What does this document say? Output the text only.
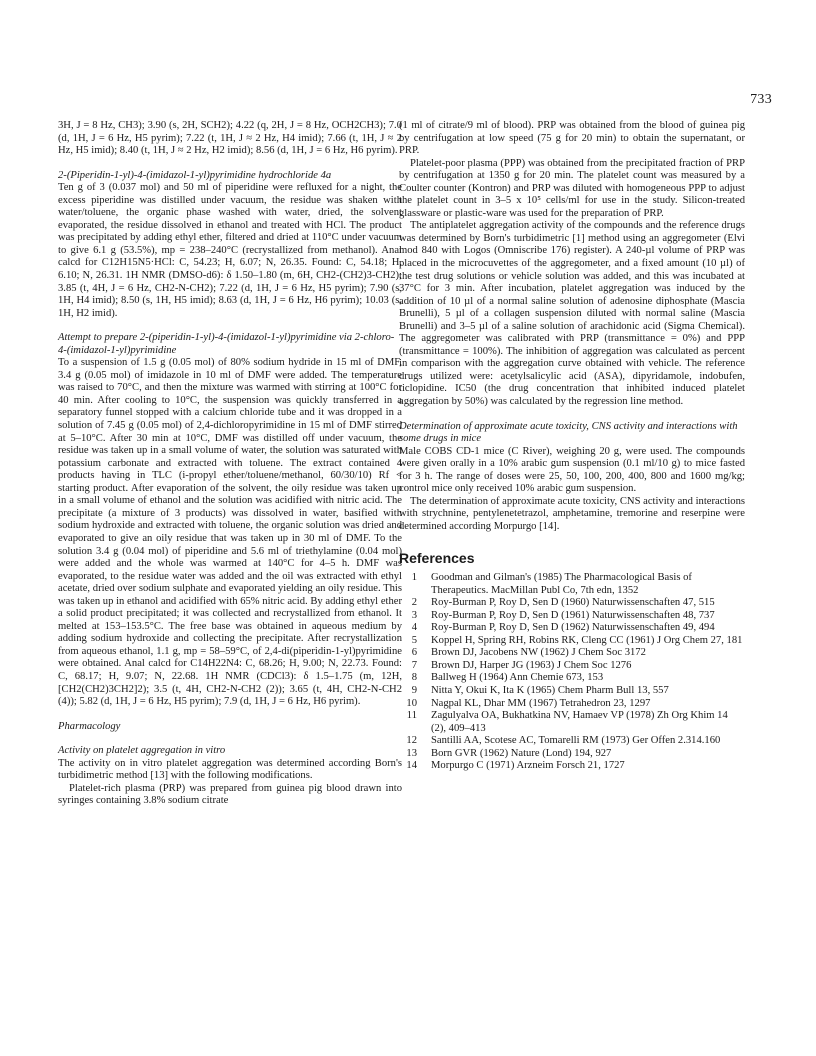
733

3H, J = 8 Hz, CH3); 3.90 (s, 2H, SCH2); 4.22 (q, 2H, J = 8 Hz, OCH2CH3); 7.0 (d, 1H, J = 6 Hz, H5 pyrim); 7.22 (t, 1H, J ≈ 2 Hz, H4 imid); 7.66 (t, 1H, J ≈ 2 Hz, H5 imid); 8.40 (t, 1H, J ≈ 2 Hz, H2 imid); 8.56 (d, 1H, J = 6 Hz, H6 pyrim).

2-(Piperidin-1-yl)-4-(imidazol-1-yl)pyrimidine hydrochloride 4a

Ten g of 3 (0.037 mol) and 50 ml of piperidine were refluxed for a night, the excess piperidine was distilled under vacuum, the residue was shaken with water/toluene, the organic phase washed with water, dried, the solvent evaporated, the residue dissolved in ethanol and treated with HCl. The product was precipitated by adding ethyl ether, filtered and dried at 110°C under vacuum to give 6.1 g (53.5%), mp = 238–240°C (recrystallized from methanol). Anal calcd for C12H15N5·HCl: C, 54.23; H, 6.07; N, 26.35. Found: C, 54.18; H, 6.10; N, 26.31. 1H NMR (DMSO-d6): δ 1.50–1.80 (m, 6H, CH2-(CH2)3-CH2); 3.85 (t, 4H, J = 6 Hz, CH2-N-CH2); 7.22 (d, 1H, J = 6 Hz, H5 pyrim); 7.90 (s, 1H, H4 imid); 8.50 (s, 1H, H5 imid); 8.63 (d, 1H, J = 6 Hz, H6 pyrim); 10.03 (s, 1H, H2 imid).

Attempt to prepare 2-(piperidin-1-yl)-4-(imidazol-1-yl)pyrimidine via 2-chloro-4-(imidazol-1-yl)pyrimidine

To a suspension of 1.5 g (0.05 mol) of 80% sodium hydride in 15 ml of DMF, 3.4 g (0.05 mol) of imidazole in 10 ml of DMF were added. The temperature was raised to 70°C, and then the mixture was warmed with stirring at 100°C for 40 min. After cooling to 10°C, the suspension was quickly transferred in a separatory funnel stopped with a calcium chloride tube and it was dropped in a solution of 7.45 g (0.05 mol) of 2,4-dichloropyrimidine in 15 ml of DMF stirred at 5–10°C. After 30 min at 10°C, DMF was distilled off under vacuum, the residue was taken up in a small volume of water, the solution was saturated with potassium carbonate and extracted with toluene. The extract contained 4 products having in TLC (i-propyl ether/toluene/methanol, 60/30/10) Rf < starting product. After evaporation of the solvent, the oily residue was taken up in a small volume of ethanol and the solution was acidified with nitric acid. The precipitate (a mixture of 3 products) was dissolved in water, basified with sodium hydroxide and extracted with toluene, the organic solution was dried and evaporated to give an oily residue that was taken up in 30 ml of DMF. To the solution 3.4 g (0.04 mol) of piperidine and 5.6 ml of triethylamine (0.04 mol) were added and the whole was warmed at 140°C for 4–5 h. DMF was evaporated, to the residue water was added and the oil was extracted with ethyl acetate, dried over sodium sulphate and evaporated yielding an oily residue. This was taken up in ethanol and acidified with 65% nitric acid. By adding ethyl ether a solid product precipitated; it was collected and recrystallized from ethanol. It melted at 153–153.5°C. The free base was obtained in aqueous medium by adding sodium hydroxide and collecting the precipitate. After recrystallization from aqueous ethanol, 1.1 g, mp = 58–59°C, of 2,4-di(piperidin-1-yl)pyrimidine were obtained. Anal calcd for C14H22N4: C, 68.26; H, 9.00; N, 22.73. Found: C, 68.17; H, 9.07; N, 22.68. 1H NMR (CDCl3): δ 1.5–1.75 (m, 12H, [CH2(CH2)3CH2]2); 3.5 (t, 4H, CH2-N-CH2 (2)); 3.65 (t, 4H, CH2-N-CH2 (4)); 5.82 (d, 1H, J = 6 Hz, H5 pyrim); 7.9 (d, 1H, J = 6 Hz, H6 pyrim).

Pharmacology

Activity on platelet aggregation in vitro

The activity on in vitro platelet aggregation was determined according Born's turbidimetric method [13] with the following modifications.

Platelet-rich plasma (PRP) was prepared from guinea pig blood drawn into syringes containing 3.8% sodium citrate

(1 ml of citrate/9 ml of blood). PRP was obtained from the blood of guinea pig by centrifugation at low speed (75 g for 20 min) to obtain the supernatant, or PRP.

Platelet-poor plasma (PPP) was obtained from the precipitated fraction of PRP by centrifugation at 1350 g for 20 min. The platelet count was measured by a Coulter counter (Kontron) and PRP was diluted with homogeneous PPP to adjust the platelet count in 3–5 x 10⁵ cells/ml for use in the study. Silicon-treated glassware or plastic-ware was used for the preparation of PRP.

The antiplatelet aggregation activity of the compounds and the reference drugs was determined by Born's turbidimetric [1] method using an aggregometer (Elvi mod 840 with Logos (Omniscribe 176) register). A 240-µl volume of PRP was placed in the microcuvettes of the aggregometer, and a fixed amount (10 µl) of the test drug solutions or vehicle solution was added, and this was incubated at 37°C for 3 min. After incubation, platelet aggregation was induced by the addition of 10 µl of a normal saline solution of adenosine diphosphate (Mascia Brunelli), 5 µl of a collagen suspension diluted with normal saline (Mascia Brunelli) and 3–5 µl of a saline solution of arachidonic acid (Sigma Chemical). The aggregometer was calibrated with PRP (transmittance = 0%) and PPP (transmittance = 100%). The inhibition of aggregation was calculated as percent in comparison with the aggregation curve obtained with vehicle. The reference drugs utilized were: acetylsalicylic acid (ASA), dipyridamole, indobufen, ticlopidine. IC50 (the drug concentration that inhibited induced platelet aggregation by 50%) was calculated by the regression line method.

Determination of approximate acute toxicity, CNS activity and interactions with some drugs in mice

Male COBS CD-1 mice (C River), weighing 20 g, were used. The compounds were given orally in a 10% arabic gum suspension (0.1 ml/10 g) to mice fasted for 3 h. The range of doses were 25, 50, 100, 200, 400, 800 and 1600 mg/kg; control mice only received 10% arabic gum suspension.

The determination of approximate acute toxicity, CNS activity and interactions with strychnine, pentylenetetrazol, amphetamine, tremorine and reserpine were determined according Morpurgo [14].

References
1	Goodman and Gilman's (1985) The Pharmacological Basis of Therapeutics. MacMillan Publ Co, 7th edn, 1352
2	Roy-Burman P, Roy D, Sen D (1960) Naturwissenschaften 47, 515
3	Roy-Burman P, Roy D, Sen D (1961) Naturwissenschaften 48, 737
4	Roy-Burman P, Roy D, Sen D (1962) Naturwissenschaften 49, 494
5	Koppel H, Spring RH, Robins RK, Cleng CC (1961) J Org Chem 27, 181
6	Brown DJ, Jacobens NW (1962) J Chem Soc 3172
7	Brown DJ, Harper JG (1963) J Chem Soc 1276
8	Ballweg H (1964) Ann Chemie 673, 153
9	Nitta Y, Okui K, Ita K (1965) Chem Pharm Bull 13, 557
10	Nagpal KL, Dhar MM (1967) Tetrahedron 23, 1297
11	Zagulyalva OA, Bukhatkina NV, Hamaev VP (1978) Zh Org Khim 14 (2), 409–413
12	Santilli AA, Scotese AC, Tomarelli RM (1973) Ger Offen 2.314.160
13	Born GVR (1962) Nature (Lond) 194, 927
14	Morpurgo C (1971) Arzneim Forsch 21, 1727
